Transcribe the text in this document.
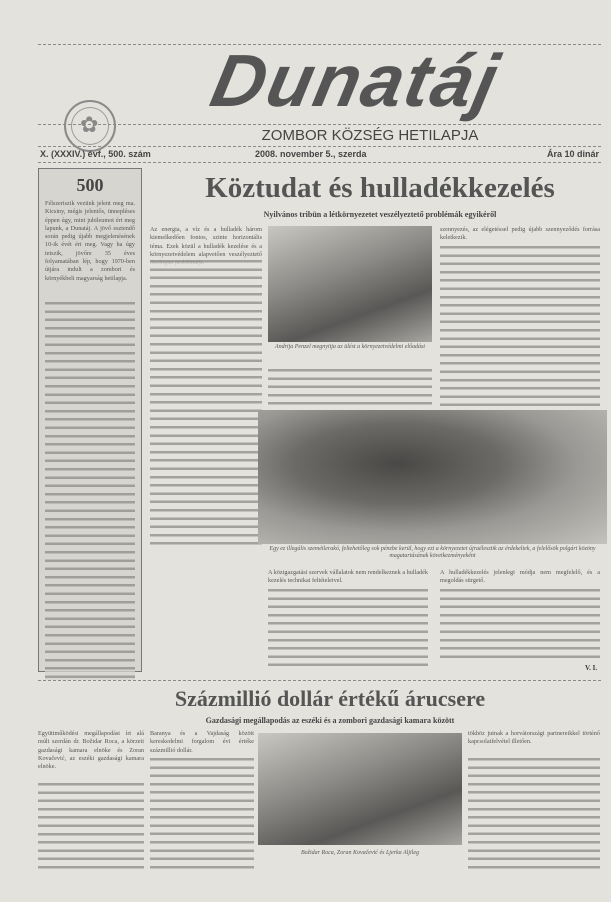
Dunatáj
✿	ZOMBOR KÖZSÉG HETILAPJA
X. (XXXIV.) évf., 500. szám	2008. november 5., szerda	Ára 10 dinár
500
Félszeriszik vezünk jelent meg ma. Kicsiny, mégis jelentős, ünnepléses éppen úgy, mint jubileumot ért meg lapunk, a Dunatáj. A jövő esztendő során pedig újabb megjelenésének 10-ik évét éri meg. Vagy ha úgy tetszik, jövőre 35 éves folyamatában lép, hogy 1970-ben útjára indult a zombori és környékbeli magyarság hetilapja.
Köztudat és hulladékkezelés
Nyilvános tribün a létkörnyezetet veszélyeztető problémák egyikéről
Az energia, a víz és a hulladék három kiemelkedően fontos, szinte horizontális téma. Ezek közül a hulladék kezelése és a környezetvédelem alapvetően veszélyeztető
Andrija Penzel megnyitja az ülést a környezetvédelmi előadást
szennyezés, az elégetéssel pedig újabb szennyeződés forrása keletkezik.
Egy ez illegális szemétlerakó, feltehetőleg sok pénzbe kerül, hogy ezt a környezetet újraélesztik az érdekeltek, a felelősök polgári közöny magatartásának következményeként
A közigazgatási szervek vállalatok nem rendelkeznek a hulladék kezelés technikai feltételeivel.
A hulladékkezelés jelenlegi módja nem megfelelő, és a megoldás sürgető.
V. I.
Százmillió dollár értékű árucsere
Gazdasági megállapodás az eszéki és a zombori gazdasági kamara között
Együttműködési megállapodást írt alá múlt szerdán dr. Božidar Roca, a körzeti gazdasági kamara elnöke és Zoran Kovačević, az eszéki gazdasági kamara elnöke.
Baranya és a Vajdaság között kereskedelmi forgalom évi értéke százmillió dollár.
Božidar Roca, Zoran Kovačević és Ljerka Aljileg
tökhöz jutnak a horvátországi partnereikkel történő kapcsolatfelvétel illetően.
